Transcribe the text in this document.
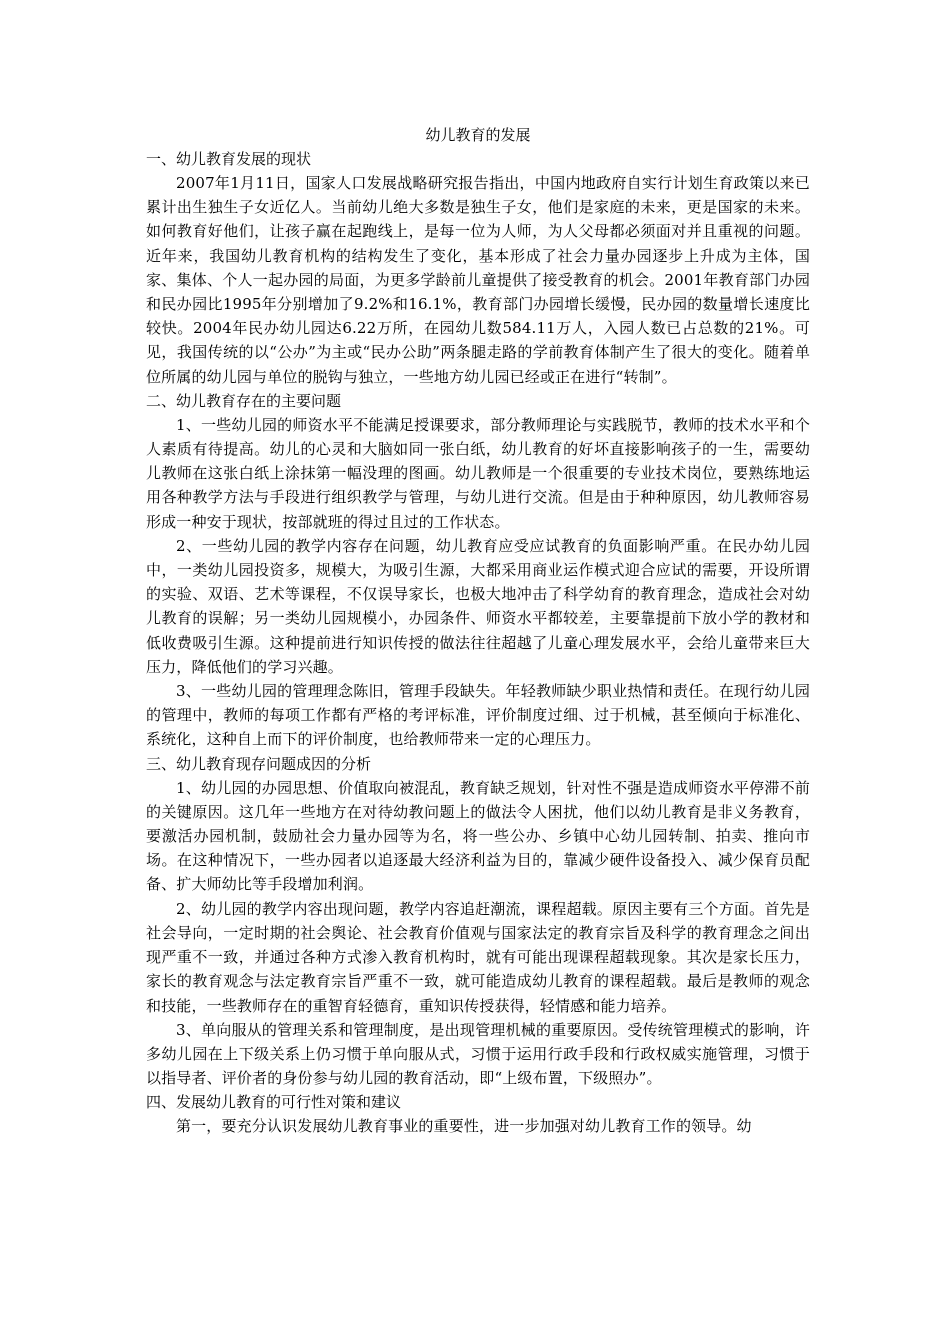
幼儿教育的发展
一、幼儿教育发展的现状

2007年1月11日，国家人口发展战略研究报告指出，中国内地政府自实行计划生育政策以来已累计出生独生子女近亿人。当前幼儿绝大多数是独生子女，他们是家庭的未来，更是国家的未来。如何教育好他们，让孩子赢在起跑线上，是每一位为人师，为人父母都必须面对并且重视的问题。近年来，我国幼儿教育机构的结构发生了变化，基本形成了社会力量办园逐步上升成为主体，国家、集体、个人一起办园的局面，为更多学龄前儿童提供了接受教育的机会。2001年教育部门办园和民办园比1995年分别增加了9.2%和16.1%，教育部门办园增长缓慢，民办园的数量增长速度比较快。2004年民办幼儿园达6.22万所，在园幼儿数584.11万人，入园人数已占总数的21%。可见，我国传统的以“公办”为主或“民办公助”两条腿走路的学前教育体制产生了很大的变化。随着单位所属的幼儿园与单位的脱钩与独立，一些地方幼儿园已经或正在进行“转制”。

二、幼儿教育存在的主要问题

1、一些幼儿园的师资水平不能满足授课要求，部分教师理论与实践脱节，教师的技术水平和个人素质有待提高。幼儿的心灵和大脑如同一张白纸，幼儿教育的好坏直接影响孩子的一生，需要幼儿教师在这张白纸上涂抹第一幅没理的图画。幼儿教师是一个很重要的专业技术岗位，要熟练地运用各种教学方法与手段进行组织教学与管理，与幼儿进行交流。但是由于种种原因，幼儿教师容易形成一种安于现状，按部就班的得过且过的工作状态。

2、一些幼儿园的教学内容存在问题，幼儿教育应受应试教育的负面影响严重。在民办幼儿园中，一类幼儿园投资多，规模大，为吸引生源，大都采用商业运作模式迎合应试的需要，开设所谓的实验、双语、艺术等课程，不仅误导家长，也极大地冲击了科学幼育的教育理念，造成社会对幼儿教育的误解；另一类幼儿园规模小，办园条件、师资水平都较差，主要靠提前下放小学的教材和低收费吸引生源。这种提前进行知识传授的做法往往超越了儿童心理发展水平，会给儿童带来巨大压力，降低他们的学习兴趣。

3、一些幼儿园的管理理念陈旧，管理手段缺失。年轻教师缺少职业热情和责任。在现行幼儿园的管理中，教师的每项工作都有严格的考评标准，评价制度过细、过于机械，甚至倾向于标准化、系统化，这种自上而下的评价制度，也给教师带来一定的心理压力。

三、幼儿教育现存问题成因的分析

1、幼儿园的办园思想、价值取向被混乱，教育缺乏规划，针对性不强是造成师资水平停滞不前的关键原因。这几年一些地方在对待幼教问题上的做法令人困扰，他们以幼儿教育是非义务教育，要激活办园机制，鼓励社会力量办园等为名，将一些公办、乡镇中心幼儿园转制、拍卖、推向市场。在这种情况下，一些办园者以追逐最大经济利益为目的，靠减少硬件设备投入、减少保育员配备、扩大师幼比等手段增加利润。

2、幼儿园的教学内容出现问题，教学内容追赶潮流，课程超载。原因主要有三个方面。首先是社会导向，一定时期的社会舆论、社会教育价值观与国家法定的教育宗旨及科学的教育理念之间出现严重不一致，并通过各种方式渗入教育机构时，就有可能出现课程超载现象。其次是家长压力，家长的教育观念与法定教育宗旨严重不一致，就可能造成幼儿教育的课程超载。最后是教师的观念和技能，一些教师存在的重智育轻德育，重知识传授获得，轻情感和能力培养。

3、单向服从的管理关系和管理制度，是出现管理机械的重要原因。受传统管理模式的影响，许多幼儿园在上下级关系上仍习惯于单向服从式，习惯于运用行政手段和行政权威实施管理，习惯于以指导者、评价者的身份参与幼儿园的教育活动，即“上级布置，下级照办”。

四、发展幼儿教育的可行性对策和建议

第一，要充分认识发展幼儿教育事业的重要性，进一步加强对幼儿教育工作的领导。幼
